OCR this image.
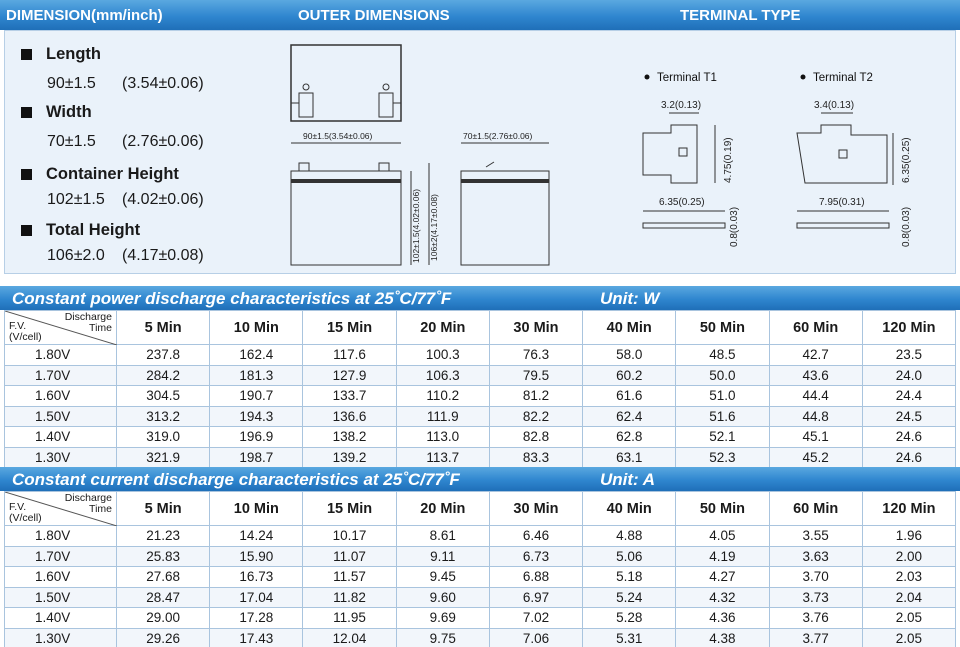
DIMENSION(mm/inch)	OUTER DIMENSIONS	TERMINAL TYPE
Length
90±1.5 (3.54±0.06)
Width
70±1.5 (2.76±0.06)
Container Height
102±1.5 (4.02±0.06)
Total Height
106±2.0 (4.17±0.08)
90±1.5(3.54±0.06)
102±1.5(4.02±0.06) 106±2(4.17±0.08)
70±1.5(2.76±0.06)
Terminal T1
3.2(0.13)
4.75(0.19)
6.35(0.25)
0.8(0.03)
Terminal T2
3.4(0.13)
6.35(0.25)
7.95(0.31)
0.8(0.03)
Constant power discharge characteristics at 25˚C/77˚F	Unit: W
Discharge
Time
F.V.
(V/cell)	5 Min	10 Min	15 Min	20 Min	30 Min	40 Min	50 Min	60 Min	120 Min
1.80V	237.8	162.4	117.6	100.3	76.3	58.0	48.5	42.7	23.5
1.70V	284.2	181.3	127.9	106.3	79.5	60.2	50.0	43.6	24.0
1.60V	304.5	190.7	133.7	110.2	81.2	61.6	51.0	44.4	24.4
1.50V	313.2	194.3	136.6	111.9	82.2	62.4	51.6	44.8	24.5
1.40V	319.0	196.9	138.2	113.0	82.8	62.8	52.1	45.1	24.6
1.30V	321.9	198.7	139.2	113.7	83.3	63.1	52.3	45.2	24.6
Constant current discharge characteristics at 25˚C/77˚F	Unit: A
Discharge
Time
F.V.
(V/cell)	5 Min	10 Min	15 Min	20 Min	30 Min	40 Min	50 Min	60 Min	120 Min
1.80V	21.23	14.24	10.17	8.61	6.46	4.88	4.05	3.55	1.96
1.70V	25.83	15.90	11.07	9.11	6.73	5.06	4.19	3.63	2.00
1.60V	27.68	16.73	11.57	9.45	6.88	5.18	4.27	3.70	2.03
1.50V	28.47	17.04	11.82	9.60	6.97	5.24	4.32	3.73	2.04
1.40V	29.00	17.28	11.95	9.69	7.02	5.28	4.36	3.76	2.05
1.30V	29.26	17.43	12.04	9.75	7.06	5.31	4.38	3.77	2.05
